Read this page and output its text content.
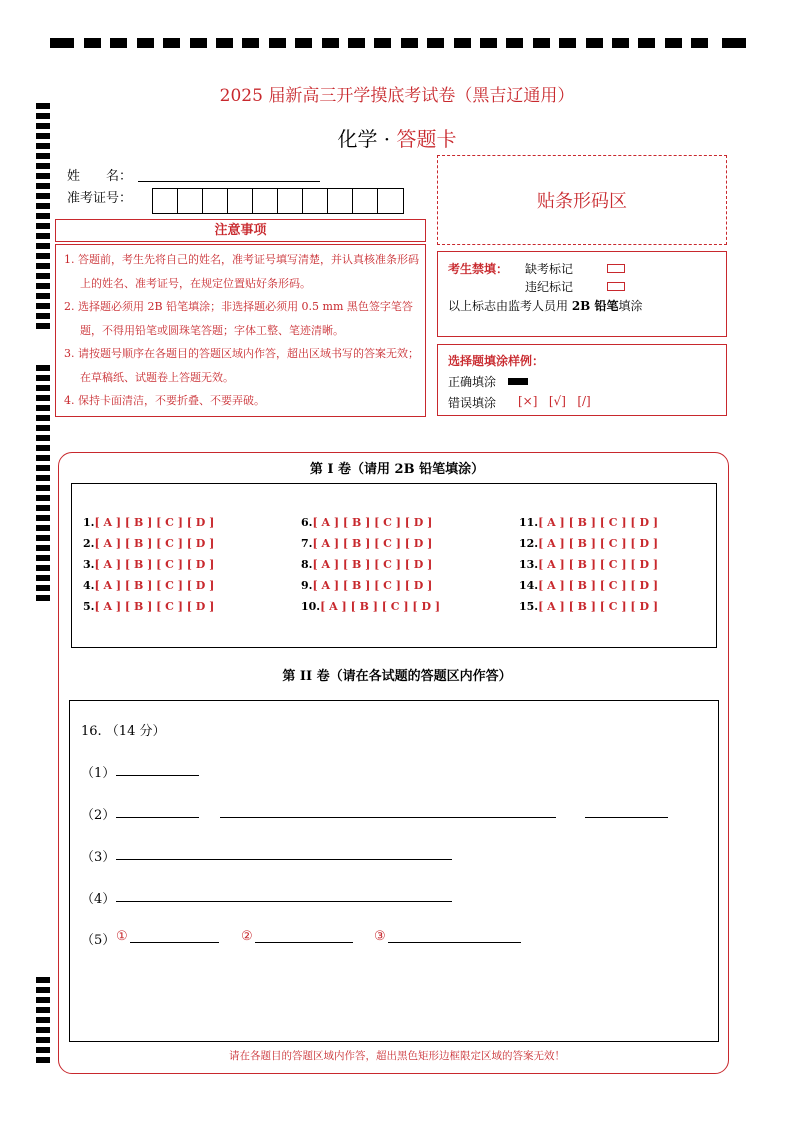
2025 届新高三开学摸底考试卷（黑吉辽通用）
化学 · 答题卡
姓　　名：
准考证号：	贴条形码区
注意事项
1. 答题前，考生先将自己的姓名，准考证号填写清楚，并认真核准条形码上的姓名、准考证号，在规定位置贴好条形码。
2. 选择题必须用 2B 铅笔填涂；非选择题必须用 0.5 mm 黑色签字笔答题，不得用铅笔或圆珠笔答题；字体工整、笔迹清晰。
3. 请按题号顺序在各题目的答题区域内作答，超出区域书写的答案无效；在草稿纸、试题卷上答题无效。
4. 保持卡面清洁，不要折叠、不要弄破。
考生禁填： 缺考标记
违纪标记
以上标志由监考人员用 2B 铅笔填涂
选择题填涂样例：
正确填涂
错误填涂 [×]   [√]   [/]
第 I 卷（请用 2B 铅笔填涂）
1.[ A ] [ B ] [ C ] [ D ]
2.[ A ] [ B ] [ C ] [ D ]
3.[ A ] [ B ] [ C ] [ D ]
4.[ A ] [ B ] [ C ] [ D ]
5.[ A ] [ B ] [ C ] [ D ]
6.[ A ] [ B ] [ C ] [ D ]
7.[ A ] [ B ] [ C ] [ D ]
8.[ A ] [ B ] [ C ] [ D ]
9.[ A ] [ B ] [ C ] [ D ]
10.[ A ] [ B ] [ C ] [ D ]
11.[ A ] [ B ] [ C ] [ D ]
12.[ A ] [ B ] [ C ] [ D ]
13.[ A ] [ B ] [ C ] [ D ]
14.[ A ] [ B ] [ C ] [ D ]
15.[ A ] [ B ] [ C ] [ D ]
第 II 卷（请在各试题的答题区内作答）
16. （14 分）
（1）
（2）
（3）
（4）
（5） ①	②	③
请在各题目的答题区域内作答，超出黑色矩形边框限定区域的答案无效！
